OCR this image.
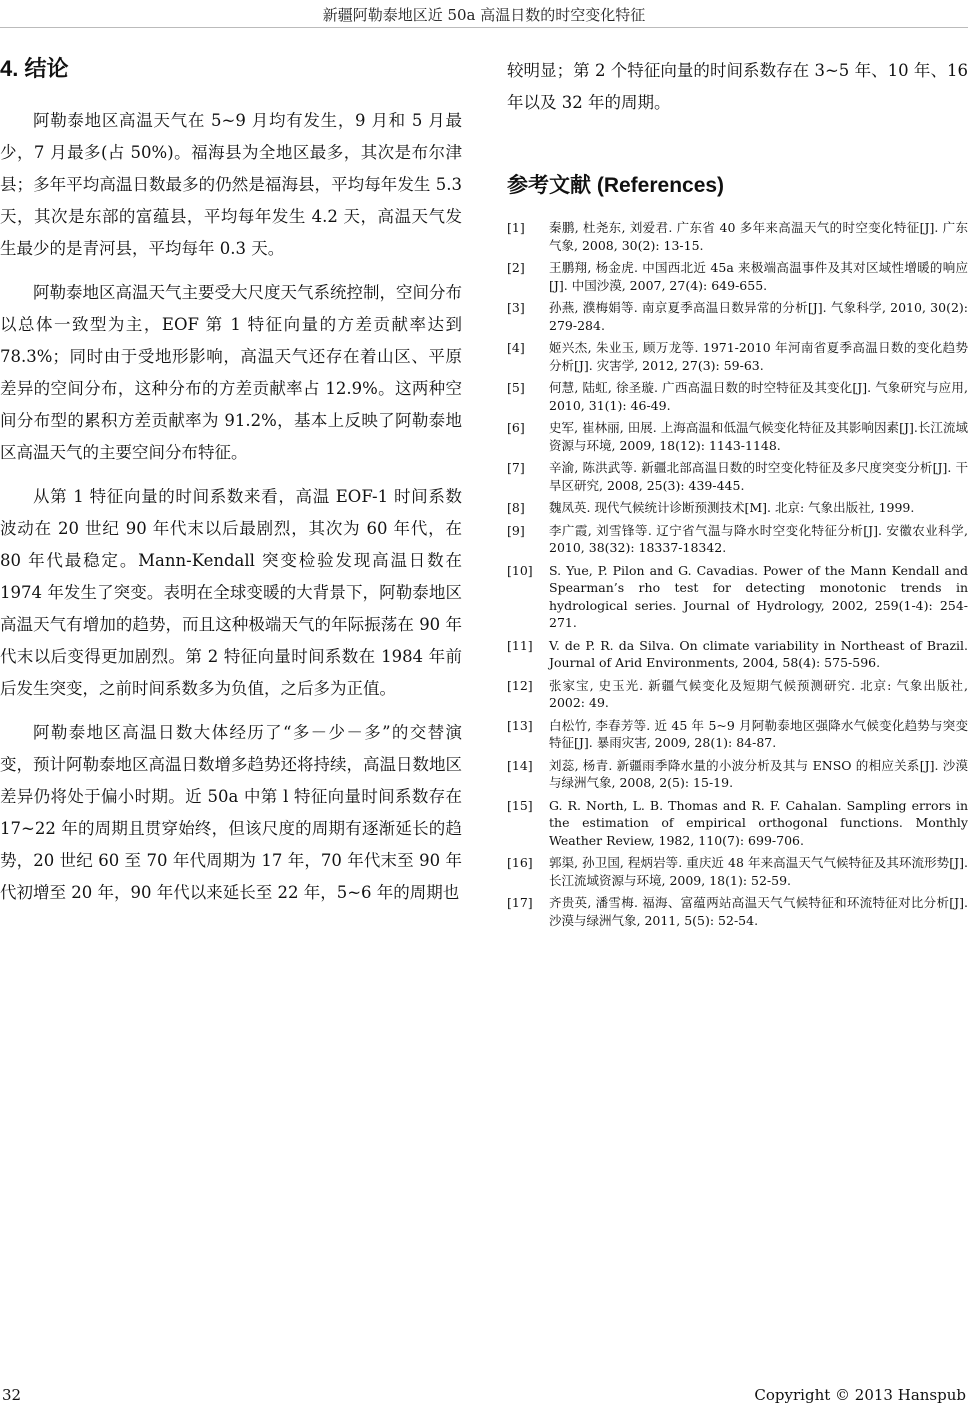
新疆阿勒泰地区近 50a 高温日数的时空变化特征
4. 结论

阿勒泰地区高温天气在 5~9 月均有发生，9 月和 5 月最少，7 月最多(占 50%)。福海县为全地区最多，其次是布尔津县；多年平均高温日数最多的仍然是福海县，平均每年发生 5.3 天，其次是东部的富蕴县，平均每年发生 4.2 天，高温天气发生最少的是青河县，平均每年 0.3 天。

阿勒泰地区高温天气主要受大尺度天气系统控制，空间分布以总体一致型为主，EOF 第 1 特征向量的方差贡献率达到 78.3%；同时由于受地形影响，高温天气还存在着山区、平原差异的空间分布，这种分布的方差贡献率占 12.9%。这两种空间分布型的累积方差贡献率为 91.2%，基本上反映了阿勒泰地区高温天气的主要空间分布特征。

从第 1 特征向量的时间系数来看，高温 EOF-1 时间系数波动在 20 世纪 90 年代末以后最剧烈，其次为 60 年代，在 80 年代最稳定。Mann-Kendall 突变检验发现高温日数在 1974 年发生了突变。表明在全球变暖的大背景下，阿勒泰地区高温天气有增加的趋势，而且这种极端天气的年际振荡在 90 年代末以后变得更加剧烈。第 2 特征向量时间系数在 1984 年前后发生突变，之前时间系数多为负值，之后多为正值。

阿勒泰地区高温日数大体经历了“多－少－多”的交替演变，预计阿勒泰地区高温日数增多趋势还将持续，高温日数地区差异仍将处于偏小时期。近 50a 中第 l 特征向量时间系数存在 17~22 年的周期且贯穿始终，但该尺度的周期有逐渐延长的趋势，20 世纪 60 至 70 年代周期为 17 年，70 年代末至 90 年代初增至 20 年，90 年代以来延长至 22 年，5~6 年的周期也

较明显；第 2 个特征向量的时间系数存在 3~5 年、10 年、16 年以及 32 年的周期。

参考文献 (References)
[1]	秦鹏, 杜尧东, 刘爱君. 广东省 40 多年来高温天气的时空变化特征[J]. 广东气象, 2008, 30(2): 13-15.
[2]	王鹏翔, 杨金虎. 中国西北近 45a 来极端高温事件及其对区域性增暖的响应[J]. 中国沙漠, 2007, 27(4): 649-655.
[3]	孙燕, 濮梅娟等. 南京夏季高温日数异常的分析[J]. 气象科学, 2010, 30(2): 279-284.
[4]	姬兴杰, 朱业玉, 顾万龙等. 1971-2010 年河南省夏季高温日数的变化趋势分析[J]. 灾害学, 2012, 27(3): 59-63.
[5]	何慧, 陆虹, 徐圣璇. 广西高温日数的时空特征及其变化[J]. 气象研究与应用, 2010, 31(1): 46-49.
[6]	史军, 崔林丽, 田展. 上海高温和低温气候变化特征及其影响因素[J].长江流域资源与环境, 2009, 18(12): 1143-1148.
[7]	辛渝, 陈洪武等. 新疆北部高温日数的时空变化特征及多尺度突变分析[J]. 干旱区研究, 2008, 25(3): 439-445.
[8]	魏凤英. 现代气候统计诊断预测技术[M]. 北京: 气象出版社, 1999.
[9]	李广霞, 刘雪锋等. 辽宁省气温与降水时空变化特征分析[J]. 安徽农业科学, 2010, 38(32): 18337-18342.
[10]	S. Yue, P. Pilon and G. Cavadias. Power of the Mann Kendall and Spearman’s rho test for detecting monotonic trends in hydrological series. Journal of Hydrology, 2002, 259(1-4): 254-271.
[11]	V. de P. R. da Silva. On climate variability in Northeast of Brazil. Journal of Arid Environments, 2004, 58(4): 575-596.
[12]	张家宝, 史玉光. 新疆气候变化及短期气候预测研究. 北京: 气象出版社, 2002: 49.
[13]	白松竹, 李春芳等. 近 45 年 5~9 月阿勒泰地区强降水气候变化趋势与突变特征[J]. 暴雨灾害, 2009, 28(1): 84-87.
[14]	刘蕊, 杨青. 新疆雨季降水量的小波分析及其与 ENSO 的相应关系[J]. 沙漠与绿洲气象, 2008, 2(5): 15-19.
[15]	G. R. North, L. B. Thomas and R. F. Cahalan. Sampling errors in the estimation of empirical orthogonal functions. Monthly Weather Review, 1982, 110(7): 699-706.
[16]	郭渠, 孙卫国, 程炳岩等. 重庆近 48 年来高温天气气候特征及其环流形势[J]. 长江流域资源与环境, 2009, 18(1): 52-59.
[17]	齐贵英, 潘雪梅. 福海、富蕴两站高温天气气候特征和环流特征对比分析[J]. 沙漠与绿洲气象, 2011, 5(5): 52-54.
32	Copyright © 2013 Hanspub
